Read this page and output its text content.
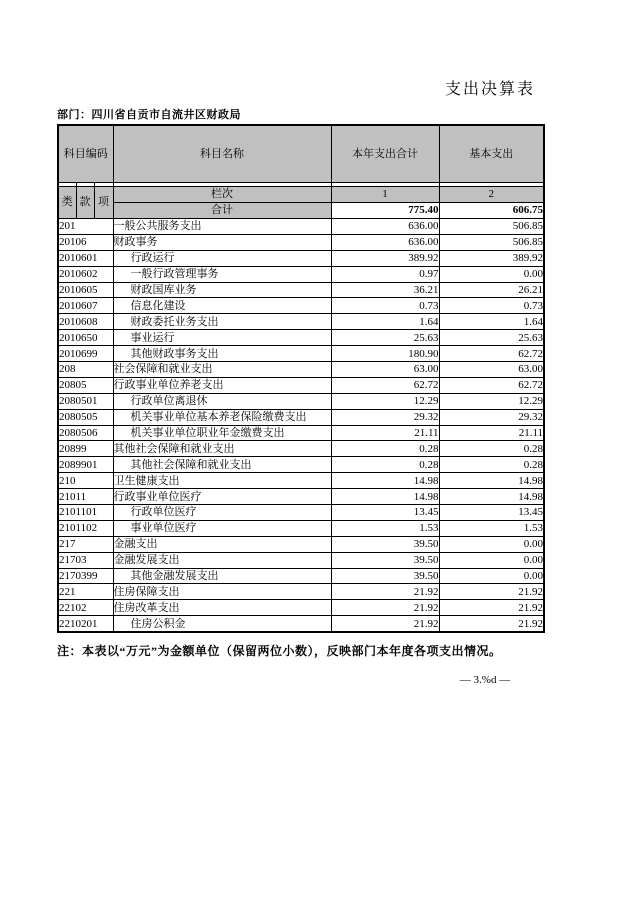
支出决算表
部门：四川省自贡市自流井区财政局
科目编码			科目名称	本年支出合计	基本支出

类	款	项	栏次	1	2
			合计	775.40	606.75
201			一般公共服务支出	636.00	506.85
20106			财政事务	636.00	506.85
2010601			行政运行	389.92	389.92
2010602			一般行政管理事务	0.97	0.00
2010605			财政国库业务	36.21	26.21
2010607			信息化建设	0.73	0.73
2010608			财政委托业务支出	1.64	1.64
2010650			事业运行	25.63	25.63
2010699			其他财政事务支出	180.90	62.72
208			社会保障和就业支出	63.00	63.00
20805			行政事业单位养老支出	62.72	62.72
2080501			行政单位离退休	12.29	12.29
2080505			机关事业单位基本养老保险缴费支出	29.32	29.32
2080506			机关事业单位职业年金缴费支出	21.11	21.11
20899			其他社会保障和就业支出	0.28	0.28
2089901			其他社会保障和就业支出	0.28	0.28
210			卫生健康支出	14.98	14.98
21011			行政事业单位医疗	14.98	14.98
2101101			行政单位医疗	13.45	13.45
2101102			事业单位医疗	1.53	1.53
217			金融支出	39.50	0.00
21703			金融发展支出	39.50	0.00
2170399			其他金融发展支出	39.50	0.00
221			住房保障支出	21.92	21.92
22102			住房改革支出	21.92	21.92
2210201			住房公积金	21.92	21.92
注：本表以“万元”为金额单位（保留两位小数），反映部门本年度各项支出情况。
— 3.%d —
